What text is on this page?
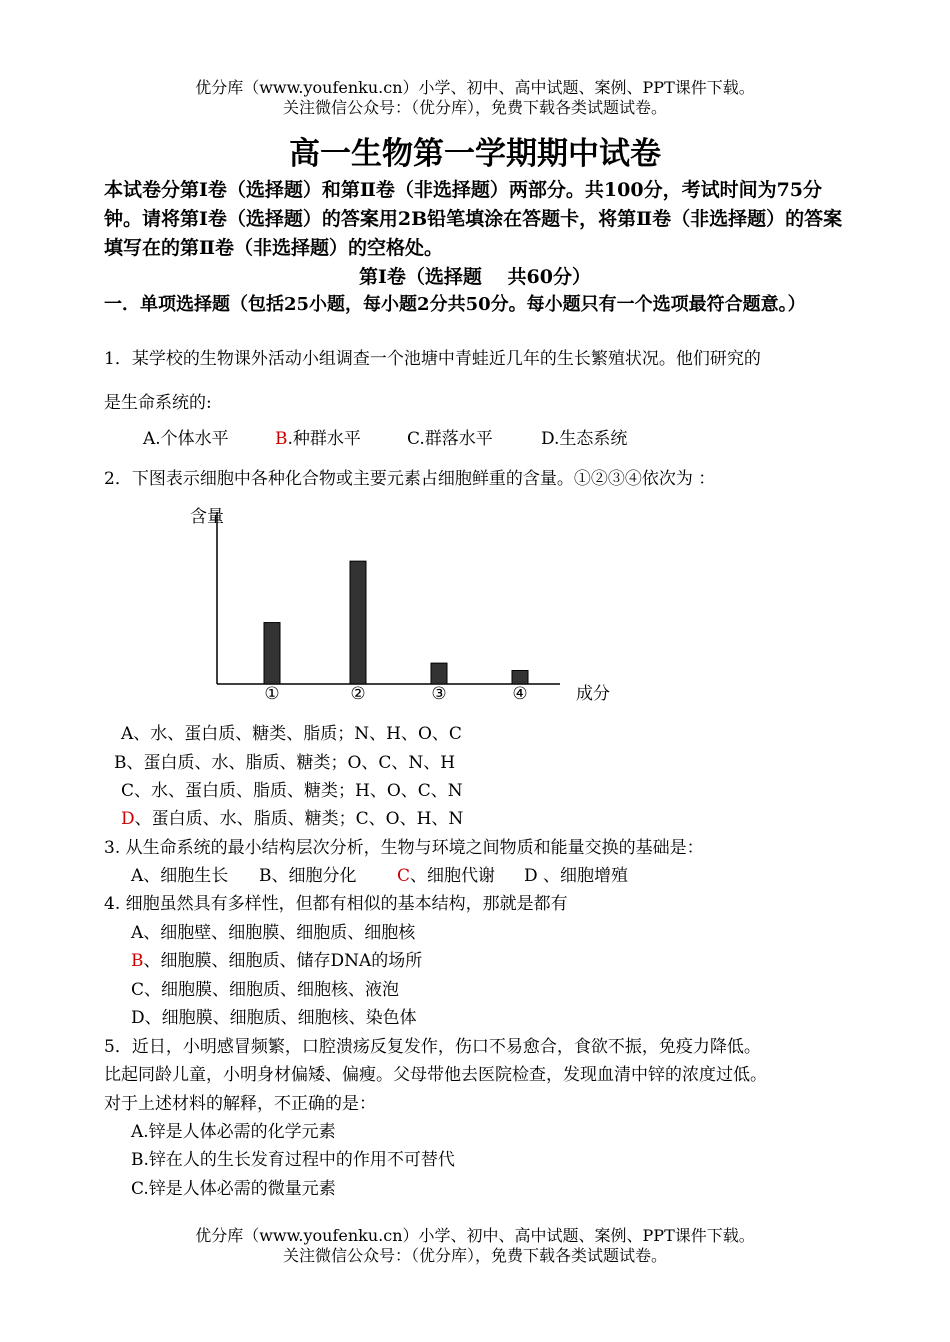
优分库（www.youfenku.cn）小学、初中、高中试题、案例、PPT课件下载。
关注微信公众号：（优分库），免费下载各类试题试卷。
高一生物第一学期期中试卷
本试卷分第Ⅰ卷（选择题）和第Ⅱ卷（非选择题）两部分。共100分，考试时间为75分钟。请将第Ⅰ卷（选择题）的答案用2B铅笔填涂在答题卡，将第Ⅱ卷（非选择题）的答案填写在的第Ⅱ卷（非选择题）的空格处。
第Ⅰ卷（选择题　 共60分）
一．单项选择题（包括25小题，每小题2分共50分。每小题只有一个选项最符合题意。）
1．某学校的生物课外活动小组调查一个池塘中青蛙近几年的生长繁殖状况。他们研究的
是生命系统的:
A.个体水平	B.种群水平	C.群落水平	D.生态系统
2．下图表示细胞中各种化合物或主要元素占细胞鲜重的含量。①②③④依次为 ：
含量
成分
①	②	③	④
A、水、蛋白质、糖类、脂质；N、H、O、C
B、蛋白质、水、脂质、糖类；O、C、N、H
C、水、蛋白质、脂质、糖类；H、O、C、N
D、蛋白质、水、脂质、糖类；C、O、H、N
3. 从生命系统的最小结构层次分析，生物与环境之间物质和能量交换的基础是：
A、细胞生长 B、细胞分化 C、细胞代谢 D 、细胞增殖
4. 细胞虽然具有多样性，但都有相似的基本结构，那就是都有
A、细胞壁、细胞膜、细胞质、细胞核
B、细胞膜、细胞质、储存DNA的场所
C、细胞膜、细胞质、细胞核、液泡
D、细胞膜、细胞质、细胞核、染色体
5．近日，小明感冒频繁，口腔溃疡反复发作，伤口不易愈合，食欲不振，免疫力降低。
比起同龄儿童，小明身材偏矮、偏瘦。父母带他去医院检查，发现血清中锌的浓度过低。
对于上述材料的解释，不正确的是：
A.锌是人体必需的化学元素
B.锌在人的生长发育过程中的作用不可替代
C.锌是人体必需的微量元素
优分库（www.youfenku.cn）小学、初中、高中试题、案例、PPT课件下载。
关注微信公众号：（优分库），免费下载各类试题试卷。
